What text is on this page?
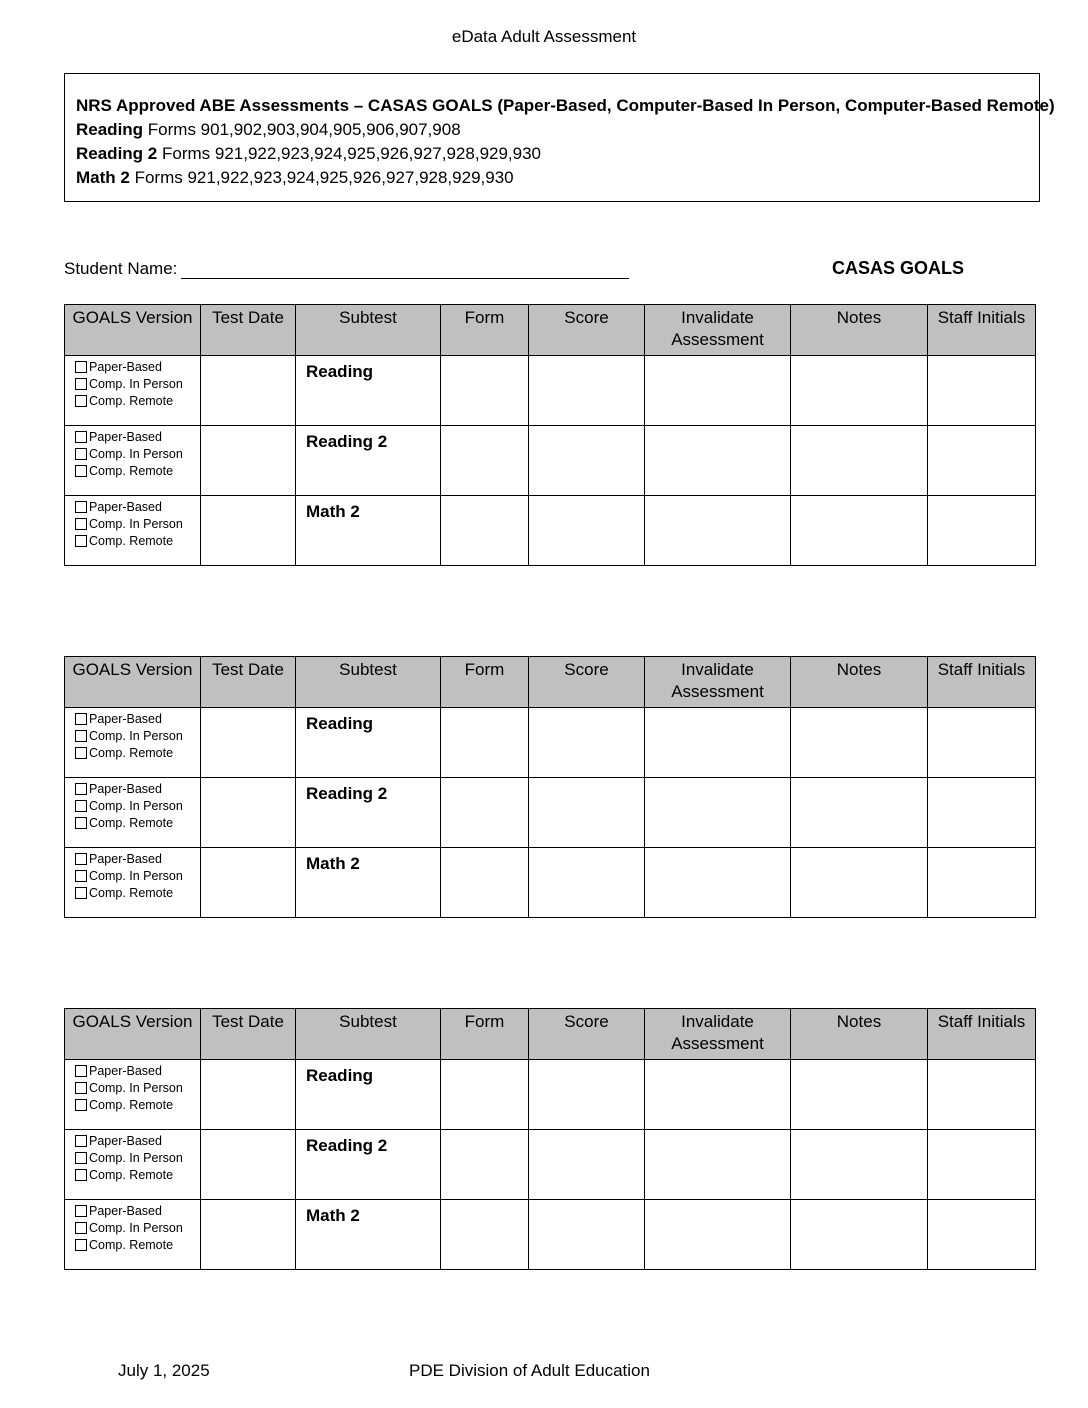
eData Adult Assessment
NRS Approved ABE Assessments – CASAS GOALS (Paper-Based, Computer-Based In Person, Computer-Based Remote)
Reading Forms 901,902,903,904,905,906,907,908
Reading 2 Forms 921,922,923,924,925,926,927,928,929,930
Math 2 Forms 921,922,923,924,925,926,927,928,929,930
Student Name:	CASAS GOALS
GOALS Version	Test Date	Subtest	Form	Score	Invalidate Assessment	Notes	Staff Initials

Paper-Based
Comp. In Person
Comp. Remote		Reading					

Paper-Based
Comp. In Person
Comp. Remote		Reading 2					

Paper-Based
Comp. In Person
Comp. Remote		Math 2					

GOALS Version	Test Date	Subtest	Form	Score	Invalidate Assessment	Notes	Staff Initials

Paper-Based
Comp. In Person
Comp. Remote		Reading					

Paper-Based
Comp. In Person
Comp. Remote		Reading 2					

Paper-Based
Comp. In Person
Comp. Remote		Math 2					

GOALS Version	Test Date	Subtest	Form	Score	Invalidate Assessment	Notes	Staff Initials

Paper-Based
Comp. In Person
Comp. Remote		Reading					

Paper-Based
Comp. In Person
Comp. Remote		Reading 2					

Paper-Based
Comp. In Person
Comp. Remote		Math 2					

July 1, 2025	PDE Division of Adult Education
